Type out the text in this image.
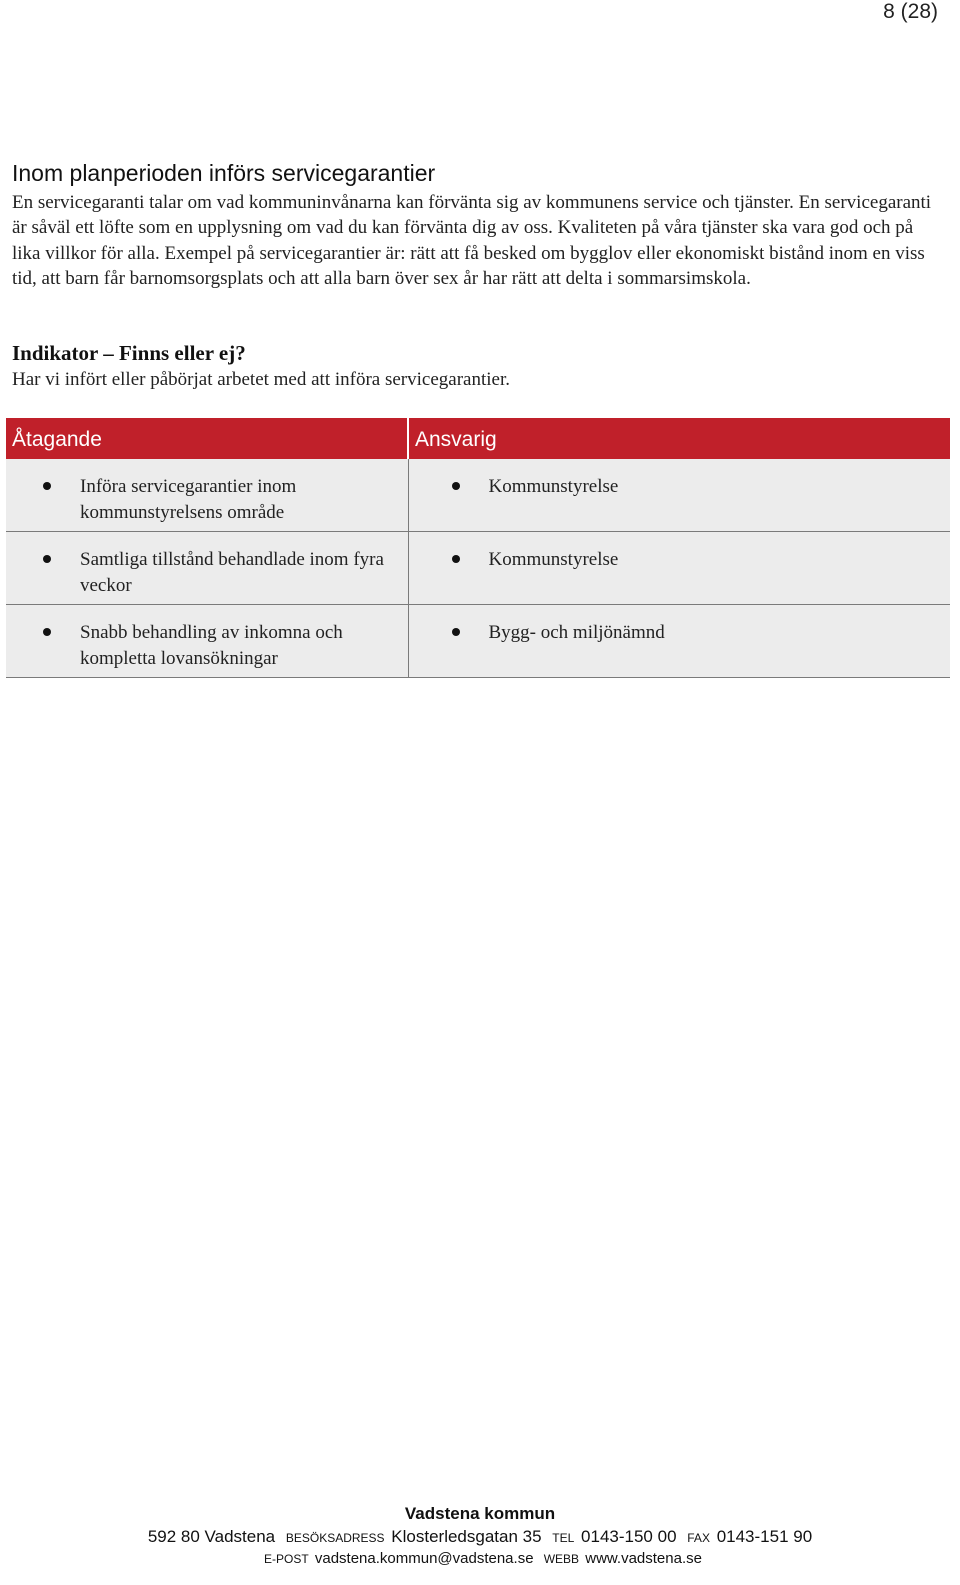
8 (28)
Inom planperioden införs servicegarantier

En servicegaranti talar om vad kommuninvånarna kan förvänta sig av kommunens service och tjänster. En servicegaranti är såväl ett löfte som en upplysning om vad du kan förvänta dig av oss. Kvaliteten på våra tjänster ska vara god och på lika villkor för alla. Exempel på servicegarantier är: rätt att få besked om bygglov eller ekonomiskt bistånd inom en viss tid, att barn får barnomsorgsplats och att alla barn över sex år har rätt att delta i sommarsimskola.

Indikator – Finns eller ej?

Har vi infört eller påbörjat arbetet med att införa servicegarantier.

Åtagande	Ansvarig

Införa servicegarantier inom kommunstyrelsens område	Kommunstyrelse

Samtliga tillstånd behandlade inom fyra veckor	Kommunstyrelse

Snabb behandling av inkomna och kompletta lovansökningar	Bygg- och miljönämnd

Vadstena kommun

592 80 Vadstena BESÖKSADRESS Klosterledsgatan 35 TEL 0143-150 00 FAX 0143-151 90

E-POST vadstena.kommun@vadstena.se WEBB www.vadstena.se
